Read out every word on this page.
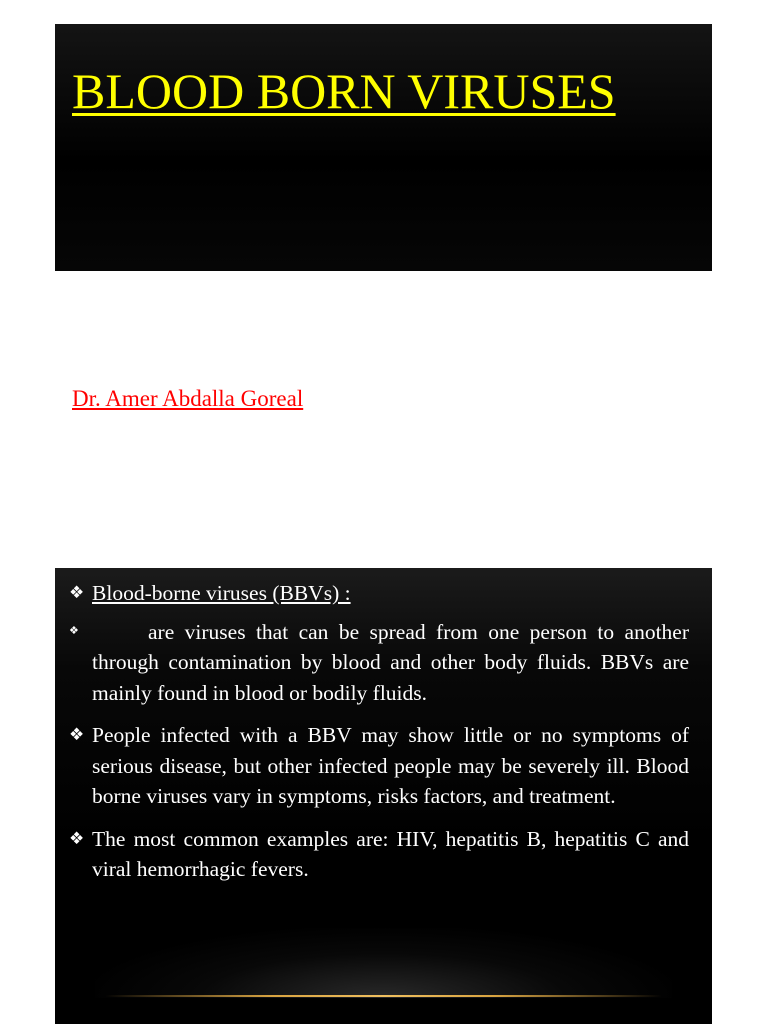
BLOOD BORN VIRUSES
Dr. Amer Abdalla Goreal
❖ Blood-borne viruses (BBVs) :
❖	are viruses that can be spread from one person to another through contamination by blood and other body fluids. BBVs are mainly found in blood or bodily fluids.
❖ People infected with a BBV may show little or no symptoms of serious disease, but other infected people may be severely ill. Blood borne viruses vary in symptoms, risks factors, and treatment.
❖ The most common examples are: HIV, hepatitis B, hepatitis C and viral hemorrhagic fevers.
